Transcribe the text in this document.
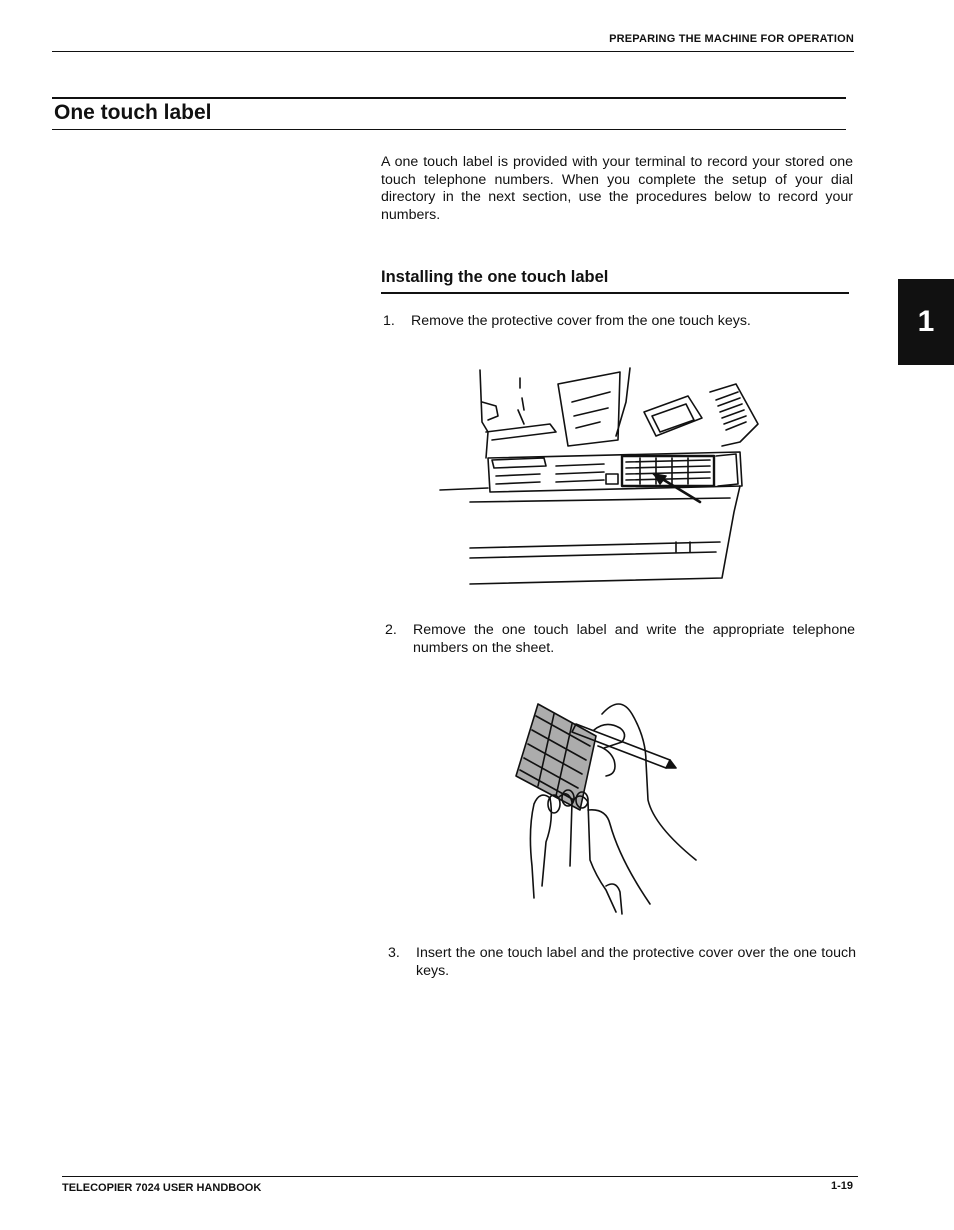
PREPARING THE MACHINE FOR OPERATION
One touch label
A one touch label is provided with your terminal to record your stored one touch telephone numbers. When you complete the setup of your dial directory in the next section, use the procedures below to record your numbers.
Installing the one touch label
1. Remove the protective cover from the one touch keys.
2. Remove the one touch label and write the appropriate telephone numbers on the sheet.
3. Insert the one touch label and the protective cover over the one touch keys.
1
TELECOPIER 7024 USER HANDBOOK	1-19
